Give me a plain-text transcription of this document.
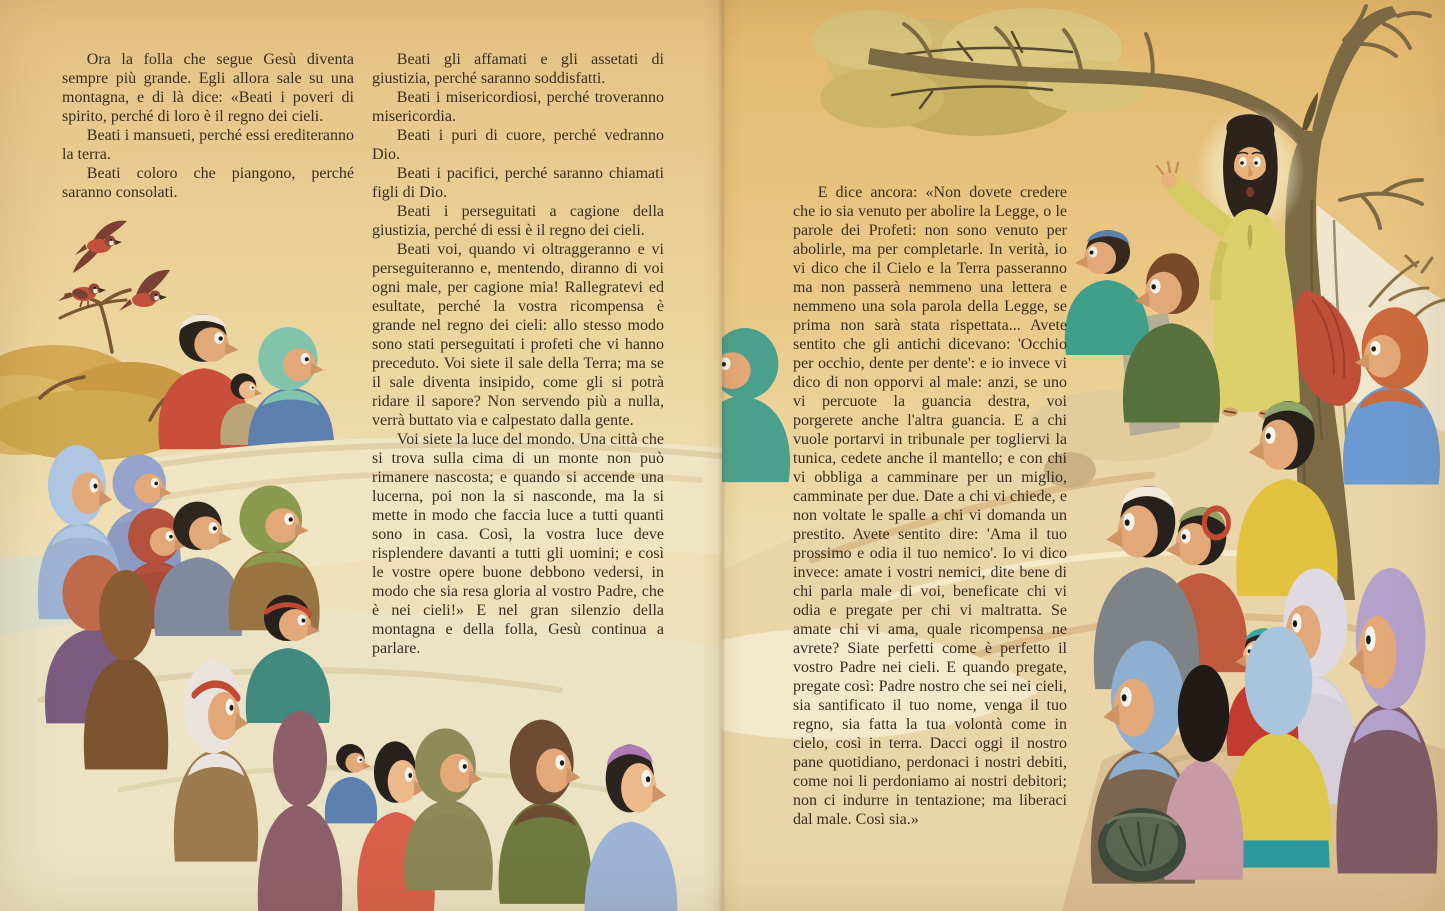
Ora la folla che segue Gesù diventa sempre più grande. Egli allora sale su una montagna, e di là dice: «Beati i poveri di spirito, perché di loro è il regno dei cieli.

Beati i mansueti, perché essi erediteranno la terra.

Beati coloro che piangono, perché saranno consolati.

Beati gli affamati e gli assetati di giustizia, perché saranno soddisfatti.

Beati i misericordiosi, perché troveranno misericordia.

Beati i puri di cuore, perché vedranno Dio.

Beati i pacifici, perché saranno chiamati figli di Dio.

Beati i perseguitati a cagione della giustizia, perché di essi è il regno dei cieli.

Beati voi, quando vi oltraggeranno e vi perseguiteranno e, mentendo, diranno di voi ogni male, per cagione mia! Rallegratevi ed esultate, perché la vostra ricompensa è grande nel regno dei cieli: allo stesso modo sono stati perseguitati i profeti che vi hanno preceduto. Voi siete il sale della Terra; ma se il sale diventa insipido, come gli si potrà ridare il sapore? Non servendo più a nulla, verrà buttato via e calpestato dalla gente.

Voi siete la luce del mondo. Una città che si trova sulla cima di un monte non può rimanere nascosta; e quando si accende una lucerna, poi non la si nasconde, ma la si mette in modo che faccia luce a tutti quanti sono in casa. Così, la vostra luce deve risplendere davanti a tutti gli uomini; e così le vostre opere buone debbono vedersi, in modo che sia resa gloria al vostro Padre, che è nei cieli!» E nel gran silenzio della montagna e della folla, Gesù continua a parlare.

E dice ancora: «Non dovete credere che io sia venuto per abolire la Legge, o le parole dei Profeti: non sono venuto per abolirle, ma per completarle. In verità, io vi dico che il Cielo e la Terra passeranno ma non passerà nemmeno una lettera e nemmeno una sola parola della Legge, se prima non sarà stata rispettata... Avete sentito che gli antichi dicevano: 'Occhio per occhio, dente per dente': e io invece vi dico di non opporvi al male: anzi, se uno vi percuote la guancia destra, voi porgerete anche l'altra guancia. E a chi vuole portarvi in tribunale per togliervi la tunica, cedete anche il mantello; e con chi vi obbliga a camminare per un miglio, camminate per due. Date a chi vi chiede, e non voltate le spalle a chi vi domanda un prestito. Avete sentito dire: 'Ama il tuo prossimo e odia il tuo nemico'. Io vi dico invece: amate i vostri nemici, dite bene di chi parla male di voi, beneficate chi vi odia e pregate per chi vi maltratta. Se amate chi vi ama, quale ricompensa ne avrete? Siate perfetti come è perfetto il vostro Padre nei cieli. E quando pregate, pregate così: Padre nostro che sei nei cieli, sia santificato il tuo nome, venga il tuo regno, sia fatta la tua volontà come in cielo, così in terra. Dacci oggi il nostro pane quotidiano, perdonaci i nostri debiti, come noi li perdoniamo ai nostri debitori; non ci indurre in tentazione; ma liberaci dal male. Così sia.»
